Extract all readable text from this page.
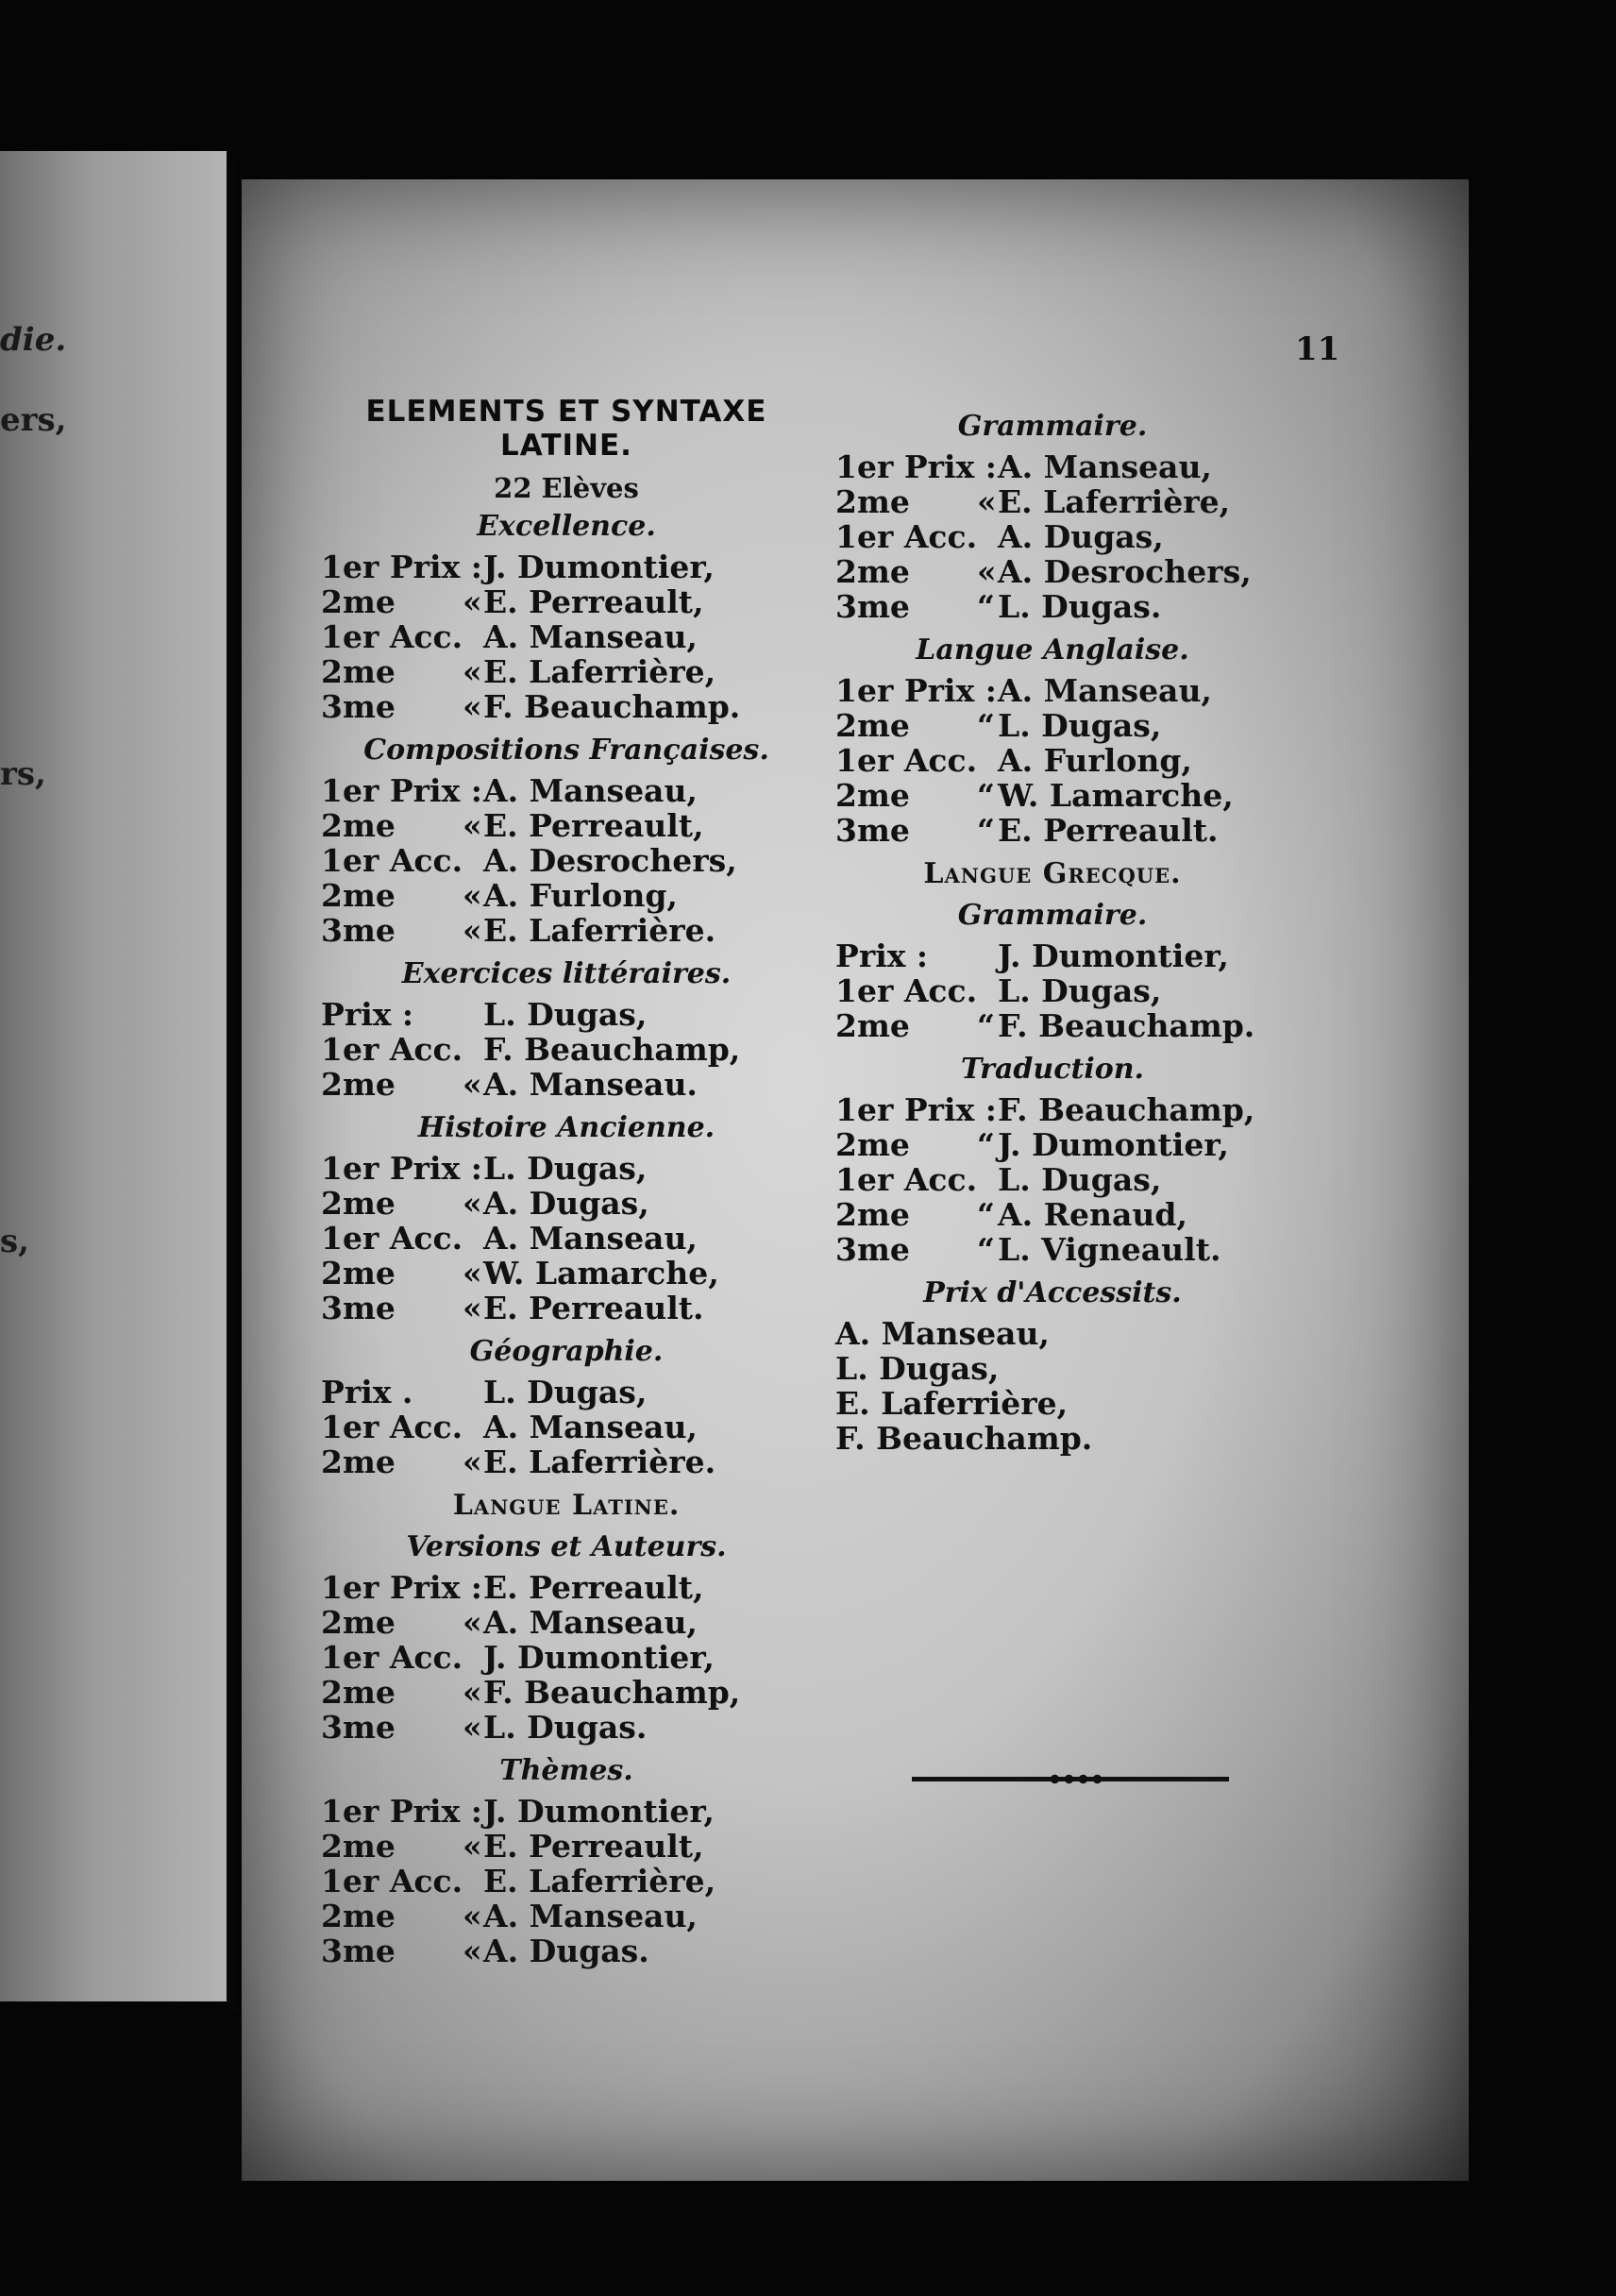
die.
ers,
rs,
s,
11
ELEMENTS ET SYNTAXE
LATINE.
22 Elèves
Excellence.
1er Prix : J. Dumontier,
2me	« E. Perreault,
1er Acc. A. Manseau,
2me	« E. Laferrière,
3me	« F. Beauchamp.
Compositions Françaises.
1er Prix : A. Manseau,
2me	« E. Perreault,
1er Acc. A. Desrochers,
2me	« A. Furlong,
3me	« E. Laferrière.
Exercices littéraires.
Prix :	L. Dugas,
1er Acc. F. Beauchamp,
2me	« A. Manseau.
Histoire Ancienne.
1er Prix : L. Dugas,
2me	« A. Dugas,
1er Acc. A. Manseau,
2me	« W. Lamarche,
3me	« E. Perreault.
Géographie.
Prix .	L. Dugas,
1er Acc. A. Manseau,
2me	« E. Laferrière.
Langue Latine.
Versions et Auteurs.
1er Prix : E. Perreault,
2me	« A. Manseau,
1er Acc. J. Dumontier,
2me	« F. Beauchamp,
3me	« L. Dugas.
Thèmes.
1er Prix : J. Dumontier,
2me	« E. Perreault,
1er Acc. E. Laferrière,
2me	« A. Manseau,
3me	« A. Dugas.
Grammaire.
1er Prix : A. Manseau,
2me	« E. Laferrière,
1er Acc. A. Dugas,
2me	« A. Desrochers,
3me	“ L. Dugas.
Langue Anglaise.
1er Prix : A. Manseau,
2me	“ L. Dugas,
1er Acc. A. Furlong,
2me	“ W. Lamarche,
3me	“ E. Perreault.
Langue Grecque.
Grammaire.
Prix :	J. Dumontier,
1er Acc. L. Dugas,
2me	“ F. Beauchamp.
Traduction.
1er Prix : F. Beauchamp,
2me	“ J. Dumontier,
1er Acc. L. Dugas,
2me	“ A. Renaud,
3me	“ L. Vigneault.
Prix d'Accessits.
A. Manseau,
L. Dugas,
E. Laferrière,
F. Beauchamp.
